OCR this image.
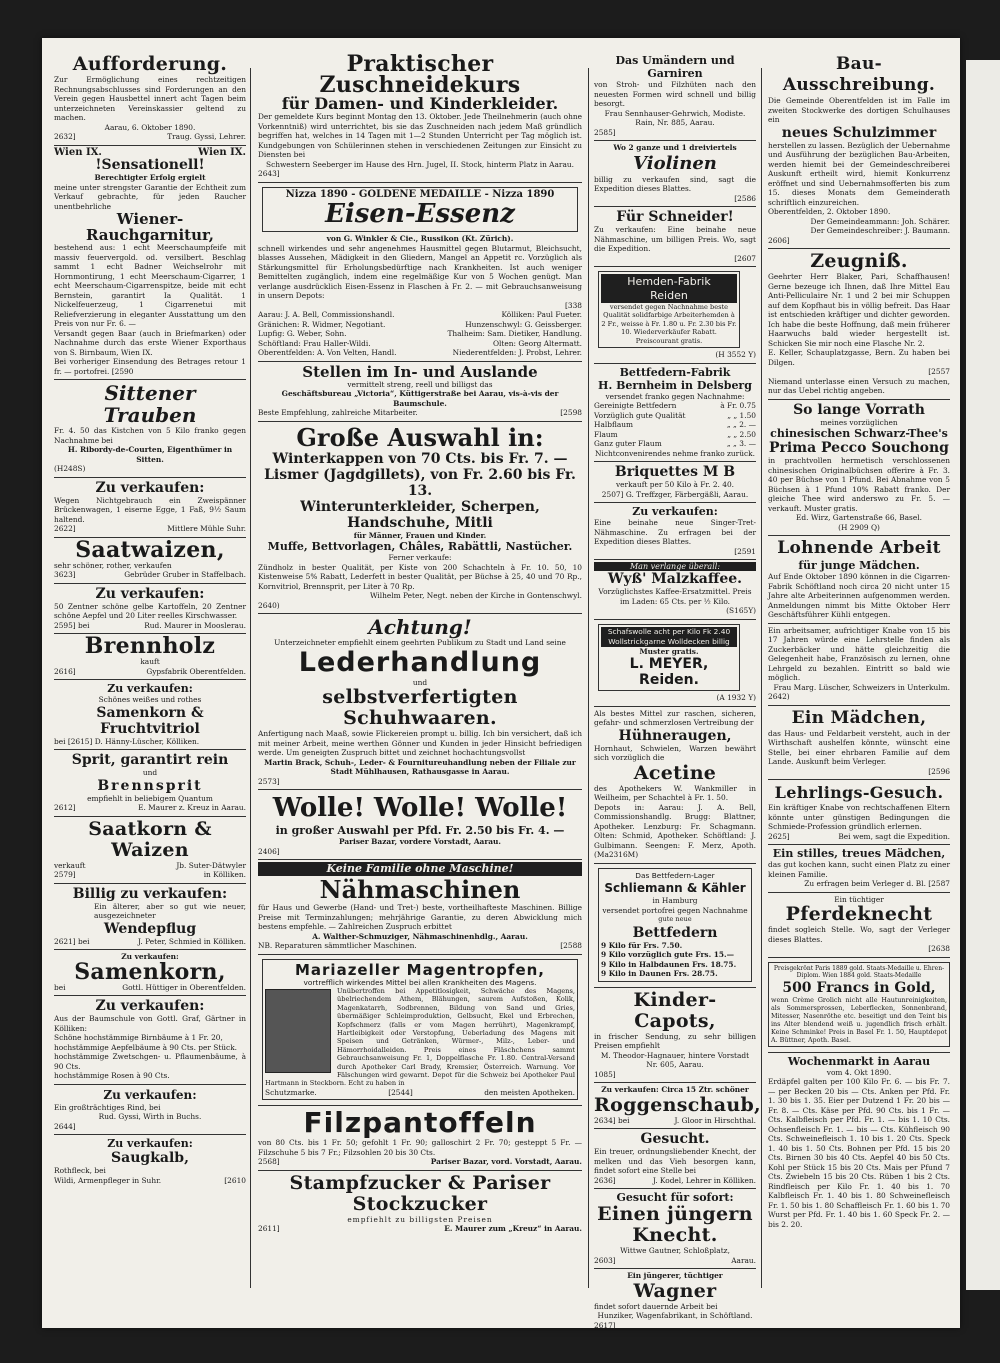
Aufforderung.
Zur Ermöglichung eines rechtzeitigen Rechnungsabschlusses sind Forderungen an den Verein gegen Hausbettel innert acht Tagen beim unterzeichneten Vereinskassier geltend zu machen.
Aarau, 6. Oktober 1890.
2632]	Traug. Gyssi, Lehrer.
Wien IX.	Wien IX.
!Sensationell!
Berechtigter Erfolg ergielt
meine unter strengster Garantie der Echtheit zum Verkauf gebrachte, für jeden Raucher unentbehrliche
Wiener-Rauchgarnitur,
bestehend aus: 1 echt Meerschaumpfeife mit massiv feuervergold. od. versilbert. Beschlag sammt 1 echt Badner Weichselrohr mit Hornmontirung, 1 echt Meerschaum-Cigarrer, 1 echt Meerschaum-Cigarrenspitze, beide mit echt Bernstein, garantirt Ia Qualität. 1 Nickelfeuerzeug, 1 Cigarrenetui mit Reliefverzierung in eleganter Ausstattung um den Preis von nur Fr. 6. —
Versandt gegen Baar (auch in Briefmarken) oder Nachnahme durch das erste Wiener Exporthaus von S. Birnbaum, Wien IX.
Bei vorheriger Einsendung des Betrages retour 1 fr. — portofrei. [2590
Sittener
Trauben
Fr. 4. 50 das Kistchen von 5 Kilo franko gegen Nachnahme bei
H. Ribordy-de-Courten, Eigenthümer in Sitten.
(H248S)
Zu verkaufen:
Wegen Nichtgebrauch ein Zweispänner Brückenwagen, 1 eiserne Egge, 1 Faß, 9½ Saum haltend.
2622]	Mittlere Mühle Suhr.
Saatwaizen,
sehr schöner, rother, verkaufen
3623]	Gebrüder Gruber in Staffelbach.
Zu verkaufen:
50 Zentner schöne gelbe Kartoffeln, 20 Zentner schöne Aepfel und 20 Liter reelles Kirschwasser.
2595] bei	Rud. Maurer in Mooslerau.
Brennholz
kauft
2616]	Gypsfabrik Oberentfelden.
Zu verkaufen:
Schönes weißes und rothes
Samenkorn & Fruchtvitriol
bei [2615] D. Hänny-Lüscher, Kölliken.
Sprit, garantirt rein
und
Brennsprit
empfiehlt in beliebigem Quantum
2612]	E. Maurer z. Kreuz in Aarau.
Saatkorn & Waizen
verkauft	Jb. Suter-Dätwyler
2579]	in Kölliken.
Billig zu verkaufen:
Ein älterer, aber so gut wie neuer, ausgezeichneter
Wendepflug
2621] bei	J. Peter, Schmied in Kölliken.
Zu verkaufen:
Samenkorn,
bei	Gottl. Hüttiger in Oberentfelden.
Zu verkaufen:
Aus der Baumschule von Gottl. Graf, Gärtner in Kölliken:
Schöne hochstämmige Birnbäume à 1 Fr. 20,
hochstämmige Aepfelbäume à 90 Cts. per Stück.
hochstämmige Zwetschgen- u. Pflaumenbäume, à 90 Cts.
hochstämmige Rosen à 90 Cts.
Zu verkaufen:
Ein großträchtiges Rind, bei
Rud. Gyssi, Wirth in Buchs.
2644]
Zu verkaufen:
Saugkalb,
Rothfleck, bei
Wildi, Armenpfleger in Suhr.	[2610
Praktischer Zuschneidekurs
für Damen- und Kinderkleider.
Der gemeldete Kurs beginnt Montag den 13. Oktober. Jede Theilnehmerin (auch ohne Vorkenntniß) wird unterrichtet, bis sie das Zuschneiden nach jedem Maß gründlich begriffen hat, welches in 14 Tagen mit 1—2 Stunden Unterricht per Tag möglich ist. Kundgebungen von Schülerinnen stehen in verschiedenen Zeitungen zur Einsicht zu Diensten bei
Schwestern Seeberger im Hause des Hrn. Jugel, II. Stock, hinterm Platz in Aarau.
2643]
Nizza 1890 - GOLDENE MEDAILLE - Nizza 1890
Eisen-Essenz
von G. Winkler & Cie., Russikon (Kt. Zürich).
schnell wirkendes und sehr angenehmes Hausmittel gegen Blutarmut, Bleichsucht, blasses Aussehen, Mädigkeit in den Gliedern, Mangel an Appetit rc. Vorzüglich als Stärkungsmittel für Erholungsbedürftige nach Krankheiten. Ist auch weniger Bemittelten zugänglich, indem eine regelmäßige Kur von 5 Wochen genügt. Man verlange ausdrücklich Eisen-Essenz in Flaschen à Fr. 2. — mit Gebrauchsanweisung in unsern Depots:
[338
Aarau: J. A. Bell, Commissionshandl.	Kölliken: Paul Fueter.
Gränichen: R. Widmer, Negotiant.	Hunzenschwyl: G. Geissberger.
Lupfig: G. Weber, Sohn.	Thalheim: Sam. Dietiker, Handlung.
Schöftland: Frau Haller-Wildi.	Olten: Georg Altermatt.
Oberentfelden: A. Von Velten, Handl.	Niederentfelden: J. Probst, Lehrer.
Stellen im In- und Auslande
vermittelt streng, reell und billigst das
Geschäftsbureau „Victoria“, Küttigerstraße bei Aarau, vis-à-vis der Baumschule.
Beste Empfehlung, zahlreiche Mitarbeiter.	[2598
Große Auswahl in:
Winterkappen von 70 Cts. bis Fr. 7. —
Lismer (Jagdgillets), von Fr. 2.60 bis Fr. 13.
Winterunterkleider, Scherpen, Handschuhe, Mitli
für Männer, Frauen und Kinder.
Muffe, Bettvorlagen, Châles, Rabättli, Nastücher.
Ferner verkaufe:
Zündholz in bester Qualität, per Kiste von 200 Schachteln à Fr. 10. 50, 10 Kistenweise 5% Rabatt, Lederfett in bester Qualität, per Büchse à 25, 40 und 70 Rp., Kornvitriol, Brennsprit, per Liter à 70 Rp.
Wilhelm Peter, Negt. neben der Kirche in Gontenschwyl.
2640)
Achtung!
Unterzeichneter empfiehlt einem geehrten Publikum zu Stadt und Land seine
Lederhandlung
und
selbstverfertigten Schuhwaaren.
Anfertigung nach Maaß, sowie Flickereien prompt u. billig. Ich bin versichert, daß ich mit meiner Arbeit, meine werthen Gönner und Kunden in jeder Hinsicht befriedigen werde. Um geneigten Zuspruch bittet und zeichnet hochachtungsvollst
Martin Brack, Schuh-, Leder- & Fournitureuhandlung neben der Filiale zur Stadt Mühlhausen, Rathausgasse in Aarau.
2573]
Wolle! Wolle! Wolle!
in großer Auswahl per Pfd. Fr. 2.50 bis Fr. 4. —
Pariser Bazar, vordere Vorstadt, Aarau.
2406]
Keine Familie ohne Maschine!
Nähmaschinen
für Haus und Gewerbe (Hand- und Tret-) beste, vortheilhafteste Maschinen. Billige Preise mit Terminzahlungen; mehrjährige Garantie, zu deren Abwicklung mich bestens empfehle. — Zahlreichen Zuspruch erbittet
A. Walther-Schmuziger, Nähmaschinenhdlg., Aarau.
NB. Reparaturen sämmtlicher Maschinen.	[2588
Mariazeller Magentropfen,
vortrefflich wirkendes Mittel bei allen Krankheiten des Magens.
Unübertroffen bei Appetitlosigkeit, Schwäche des Magens, übelriechendem Athem, Blähungen, saurem Aufstoßen, Kolik, Magenkatarrh, Sodbrennen, Bildung von Sand und Gries, übermäßiger Schleimproduktion, Gelbsucht, Ekel und Erbrechen, Kopfschmerz (falls er vom Magen herrührt), Magenkrampf, Hartleibigkeit oder Verstopfung, Ueberladung des Magens mit Speisen und Getränken, Würmer-, Milz-, Leber- und Hämorrhoidalleiden. Preis eines Fläschchens sammt Gebrauchsanweisung Fr. 1, Doppelflasche Fr. 1.80. Central-Versand durch Apotheker Carl Brady, Kremsier, Österreich. Warnung. Vor Fälschungen wird gewarnt. Depot für die Schweiz bei Apotheker Paul Hartmann in Steckborn. Echt zu haben in
Schutzmarke.	[2544]	den meisten Apotheken.
Filzpantoffeln
von 80 Cts. bis 1 Fr. 50; gefohlt 1 Fr. 90; galloschirt 2 Fr. 70; gesteppt 5 Fr. — Filzschuhe 5 bis 7 Fr.; Filzsohlen 20 bis 30 Cts.
2568]	Pariser Bazar, vord. Vorstadt, Aarau.
Stampfzucker & Pariser Stockzucker
empfiehlt zu billigsten Preisen
2611]	E. Maurer zum „Kreuz“ in Aarau.
Das Umändern und Garniren
von Stroh- und Filzhüten nach den neuesten Formen wird schnell und billig besorgt.
Frau Sennhauser-Gehrwich, Modiste. Rain, Nr. 885, Aarau.
2585]
Wo 2 ganze und 1 dreiviertels
Violinen
billig zu verkaufen sind, sagt die Expedition dieses Blattes.
[2586
Für Schneider!
Zu verkaufen: Eine beinahe neue Nähmaschine, um billigen Preis. Wo, sagt die Expedition.
[2607
Hemden-Fabrik
Reiden
versendet gegen Nachnahme beste Qualität solidfarbige Arbeiterhemden à 2 Fr., weisse à Fr. 1.80 u. Fr. 2.30 bis Fr. 10. Wiederverkäufer Rabatt. Preiscourant gratis.
(H 3552 Y)
Bettfedern-Fabrik
H. Bernheim in Delsberg
versendet franko gegen Nachnahme:
Gereinigte Bettfedern	à Fr. 0.75
Vorzüglich gute Qualität	„ „ 1.50
Halbflaum	„ „ 2. —
Flaum	„ „ 2.50
Ganz guter Flaum	„ „ 3. —
Nichtconvenirendes nehme franko zurück.
Briquettes M B
verkauft per 50 Kilo à Fr. 2. 40.
2507] G. Treffzger, Färbergäßli, Aarau.
Zu verkaufen:
Eine beinahe neue Singer-Tret-Nähmaschine. Zu erfragen bei der Expedition dieses Blattes.
[2591
Man verlange überall:
Wyß' Malzkaffee.
Vorzüglichstes Kaffee-Ersatzmittel. Preis im Laden: 65 Cts. per ½ Kilo.
(S165Y)
Schafswolle acht per Kilo Fk 2.40
Wollstrickgarne Wolldecken billig
Muster gratis.
L. MEYER, Reiden.
(A 1932 Y)
Als bestes Mittel zur raschen, sicheren, gefahr- und schmerzlosen Vertreibung der
Hühneraugen,
Hornhaut, Schwielen, Warzen bewährt sich vorzüglich die
Acetine
des Apothekers W. Wankmiller in Weilheim, per Schachtel à Fr. 1. 50.
Depots in: Aarau: J. A. Bell, Commissionshandlg. Brugg: Blattner, Apotheker. Lenzburg: Fr. Schagmann. Olten: Schmid, Apotheker. Schöftland: J. Gulbimann. Seengen: F. Merz, Apoth. (Ma2316M)
Das Bettfedern-Lager
Schliemann & Kähler
in Hamburg
versendet portofrei gegen Nachnahme
gute neue
Bettfedern
9 Kilo für Frs. 7.50.
9 Kilo vorzüglich gute Frs. 15.—
9 Kilo in Halbdaunen Frs. 18.75.
9 Kilo in Daunen Frs. 28.75.
Kinder-Capots,
in frischer Sendung, zu sehr billigen Preisen empfiehlt
M. Theodor-Hagnauer, hintere Vorstadt Nr. 605, Aarau.
1085]
Zu verkaufen: Circa 15 Ztr. schöner
Roggenschaub,
2634] bei	J. Gloor in Hirschthal.
Gesucht.
Ein treuer, ordnungsliebender Knecht, der melken und das Vieh besorgen kann, findet sofort eine Stelle bei
2636]	J. Kodel, Lehrer in Kölliken.
Gesucht für sofort:
Einen jüngern Knecht.
Wittwe Gautner, Schloßplatz,
2603]	Aarau.
Ein jüngerer, tüchtiger
Wagner
findet sofort dauernde Arbeit bei
Hunziker, Wagenfabrikant, in Schöftland.
2617]
Bau-Ausschreibung.
Die Gemeinde Oberentfelden ist im Falle im zweiten Stockwerke des dortigen Schulhauses ein
neues Schulzimmer
herstellen zu lassen. Bezüglich der Uebernahme und Ausführung der bezüglichen Bau-Arbeiten, werden hiemit bei der Gemeindeschreiberei Auskunft ertheilt wird, hiemit Konkurrenz eröffnet und sind Uebernahmsofferten bis zum 15. dieses Monats dem Gemeinderath schriftlich einzureichen.
Oberentfelden, 2. Oktober 1890.
Der Gemeindeammann: Joh. Schärer.
Der Gemeindeschreiber: J. Baumann.
2606]
Zeugniß.
Geehrter Herr Blaker, Pari, Schaffhausen! Gerne bezeuge ich Ihnen, daß Ihre Mittel Eau Anti-Pelliculaire Nr. 1 und 2 bei mir Schuppen auf dem Kopfhaut bis in völlig befreit. Das Haar ist entschieden kräftiger und dichter geworden. Ich habe die beste Hoffnung, daß mein früherer Haarwuchs bald wieder hergestellt ist. Schicken Sie mir noch eine Flasche Nr. 2.
E. Keller, Schauplatzgasse, Bern. Zu haben bei Dilgen.
[2557
Niemand unterlasse einen Versuch zu machen, nur das Uebel richtig angeben.
So lange Vorrath
meines vorzüglichen
chinesischen Schwarz-Thee's
Prima Pecco Souchong
in prachtvollen hermetisch verschlossenen chinesischen Originalbüchsen offerire à Fr. 3. 40 per Büchse von 1 Pfund. Bei Abnahme von 5 Büchsen à 1 Pfund 10% Rabatt franko. Der gleiche Thee wird anderswo zu Fr. 5. — verkauft. Muster gratis.
Ed. Wirz, Gartenstraße 66, Basel.
(H 2909 Q)
Lohnende Arbeit
für junge Mädchen.
Auf Ende Oktober 1890 können in die Cigarren-Fabrik Schöftland noch circa 20 nicht unter 15 Jahre alte Arbeiterinnen aufgenommen werden. Anmeldungen nimmt bis Mitte Oktober Herr Geschäftsführer Kühli entgegen.
Ein arbeitsamer, aufrichtiger Knabe von 15 bis 17 Jahren würde eine Lehrstelle finden als Zuckerbäcker und hätte gleichzeitig die Gelegenheit habe, Französisch zu lernen, ohne Lehrgeld zu bezahlen. Eintritt so bald wie möglich.
Frau Marg. Lüscher, Schweizers in Unterkulm.
2642)
Ein Mädchen,
das Haus- und Feldarbeit versteht, auch in der Wirthschaft aushelfen könnte, wünscht eine Stelle, bei einer ehrbaren Familie auf dem Lande. Auskunft beim Verleger.
[2596
Lehrlings-Gesuch.
Ein kräftiger Knabe von rechtschaffenen Eltern könnte unter günstigen Bedingungen die Schmiede-Profession gründlich erlernen.
2625]	Bei wem, sagt die Expedition.
Ein stilles, treues Mädchen,
das gut kochen kann, sucht einen Platz zu einer kleinen Familie.
Zu erfragen beim Verleger d. Bl. [2587
Ein tüchtiger
Pferdeknecht
findet sogleich Stelle. Wo, sagt der Verleger dieses Blattes.
[2638
Preisgekrönt Paris 1889 gold. Staats-Medaille u. Ehren-Diplom. Wien 1884 gold. Staats-Medaille
500 Francs in Gold,
wenn Crème Grolich nicht alle Hautunreinigkeiten, als Sommersprossen, Leberflecken, Sonnenbrand, Mitesser, Nasenröthe etc. beseitigt und den Teint bis ins Alter blendend weiß u. jugendlich frisch erhält. Keine Schminke! Preis in Basel Fr. 1. 50, Hauptdepot A. Büttner, Apoth. Basel.
Wochenmarkt in Aarau
vom 4. Okt 1890.
Erdäpfel galten per 100 Kilo Fr. 6. — bis Fr. 7. — per Becken 20 bis — Cts. Anken per Pfd. Fr. 1. 30 bis 1. 35. Eier per Dutzend 1 Fr. 20 bis — Fr. 8. — Cts. Käse per Pfd. 90 Cts. bis 1 Fr. — Cts. Kalbfleisch per Pfd. Fr. 1. — bis 1. 10 Cts. Ochsenfleisch Fr. 1. — bis — Cts. Kühfleisch 90 Cts. Schweinefleisch 1. 10 bis 1. 20 Cts. Speck 1. 40 bis 1. 50 Cts. Bohnen per Pfd. 15 bis 20 Cts. Birnen 30 bis 40 Cts. Aepfel 40 bis 50 Cts. Kohl per Stück 15 bis 20 Cts. Mais per Pfund 7 Cts. Zwiebeln 15 bis 20 Cts. Rüben 1 bis 2 Cts. Rindfleisch per Kilo Fr. 1. 40 bis 1. 70 Kalbfleisch Fr. 1. 40 bis 1. 80 Schweinefleisch Fr. 1. 50 bis 1. 80 Schaffleisch Fr. 1. 60 bis 1. 70 Wurst per Pfd. Fr. 1. 40 bis 1. 60 Speck Fr. 2. — bis 2. 20.
